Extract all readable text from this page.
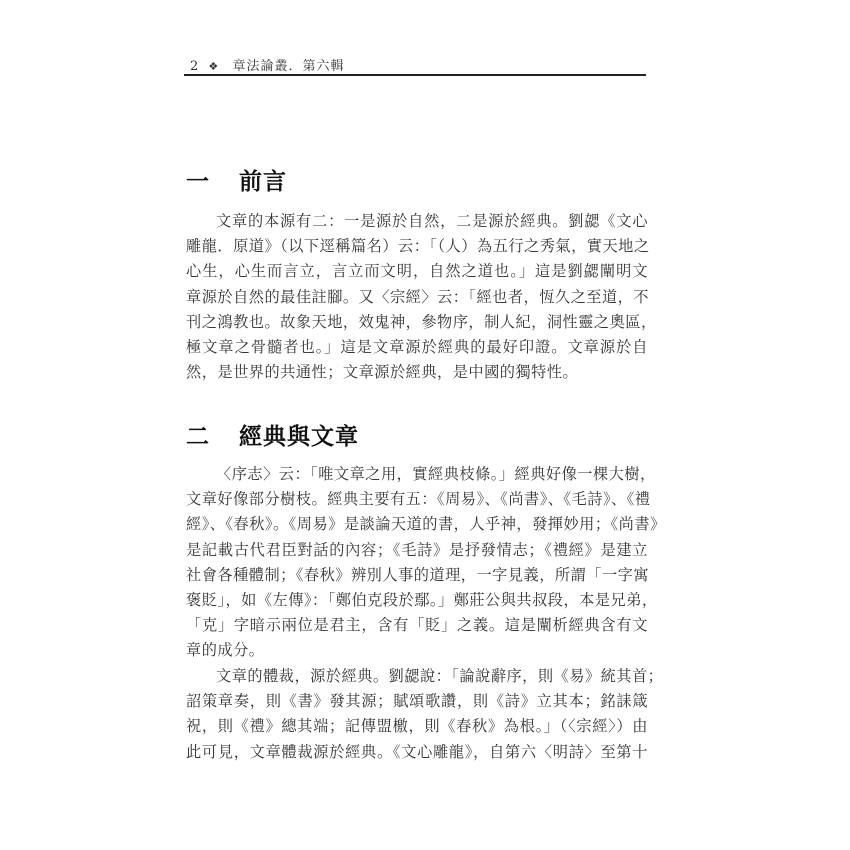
2 ❖ 章法論叢．第六輯
一 前言

文章的本源有二：一是源於自然，二是源於經典。劉勰《文心
雕龍．原道》（以下逕稱篇名）云：「（人）為五行之秀氣，實天地之
心生，心生而言立，言立而文明，自然之道也。」這是劉勰闡明文
章源於自然的最佳註腳。又〈宗經〉云：「經也者，恆久之至道，不
刊之鴻教也。故象天地，效鬼神，參物序，制人紀，洞性靈之奧區，
極文章之骨髓者也。」這是文章源於經典的最好印證。文章源於自
然，是世界的共通性；文章源於經典，是中國的獨特性。

二 經典與文章

〈序志〉云：「唯文章之用，實經典枝條。」經典好像一棵大樹，
文章好像部分樹枝。經典主要有五：《周易》、《尚書》、《毛詩》、《禮
經》、《春秋》。《周易》是談論天道的書，人乎神，發揮妙用；《尚書》
是記載古代君臣對話的內容；《毛詩》是抒發情志；《禮經》是建立
社會各種體制；《春秋》辨別人事的道理，一字見義，所謂「一字寓
褒貶」，如《左傳》：「鄭伯克段於鄢。」鄭莊公與共叔段，本是兄弟，
「克」字暗示兩位是君主，含有「貶」之義。這是闡析經典含有文
章的成分。

文章的體裁，源於經典。劉勰說：「論說辭序，則《易》統其首；
詔策章奏，則《書》發其源；賦頌歌讚，則《詩》立其本；銘誄箴
祝，則《禮》總其端；記傳盟檄，則《春秋》為根。」（〈宗經〉）由
此可見，文章體裁源於經典。《文心雕龍》，自第六〈明詩〉至第十
